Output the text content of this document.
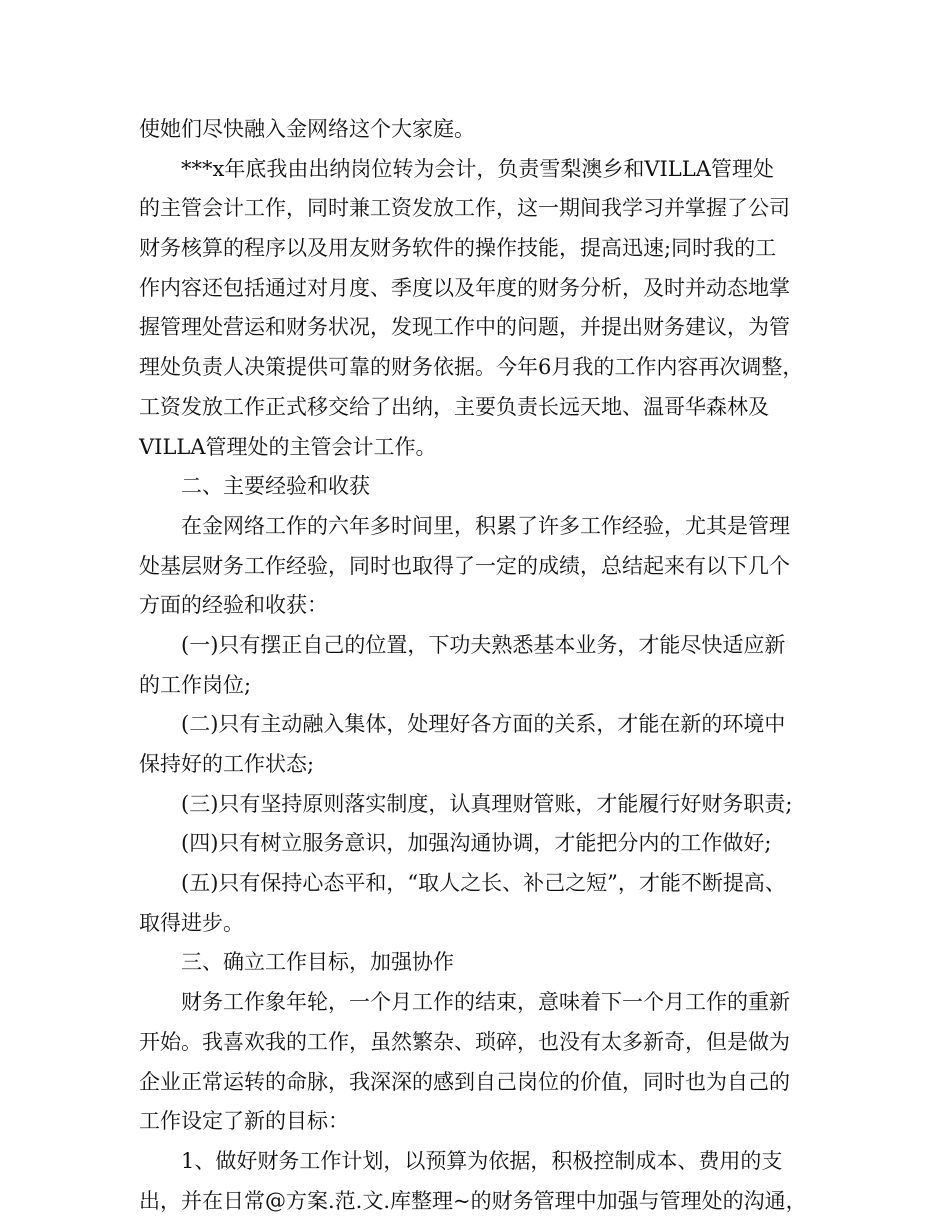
使她们尽快融入金网络这个大家庭。
　　***x年底我由出纳岗位转为会计，负责雪梨澳乡和VILLA管理处
的主管会计工作，同时兼工资发放工作，这一期间我学习并掌握了公司
财务核算的程序以及用友财务软件的操作技能，提高迅速;同时我的工
作内容还包括通过对月度、季度以及年度的财务分析，及时并动态地掌
握管理处营运和财务状况，发现工作中的问题，并提出财务建议，为管
理处负责人决策提供可靠的财务依据。今年6月我的工作内容再次调整，
工资发放工作正式移交给了出纳，主要负责长远天地、温哥华森林及
VILLA管理处的主管会计工作。
　　二、主要经验和收获
　　在金网络工作的六年多时间里，积累了许多工作经验，尤其是管理
处基层财务工作经验，同时也取得了一定的成绩，总结起来有以下几个
方面的经验和收获：
　　(一)只有摆正自己的位置，下功夫熟悉基本业务，才能尽快适应新
的工作岗位;
　　(二)只有主动融入集体，处理好各方面的关系，才能在新的环境中
保持好的工作状态;
　　(三)只有坚持原则落实制度，认真理财管账，才能履行好财务职责;
　　(四)只有树立服务意识，加强沟通协调，才能把分内的工作做好;
　　(五)只有保持心态平和，“取人之长、补己之短”，才能不断提高、
取得进步。
　　三、确立工作目标，加强协作
　　财务工作象年轮，一个月工作的结束，意味着下一个月工作的重新
开始。我喜欢我的工作，虽然繁杂、琐碎，也没有太多新奇，但是做为
企业正常运转的命脉，我深深的感到自己岗位的价值，同时也为自己的
工作设定了新的目标：
　　1、做好财务工作计划，以预算为依据，积极控制成本、费用的支
出，并在日常@方案.范.文.库整理~的财务管理中加强与管理处的沟通，
